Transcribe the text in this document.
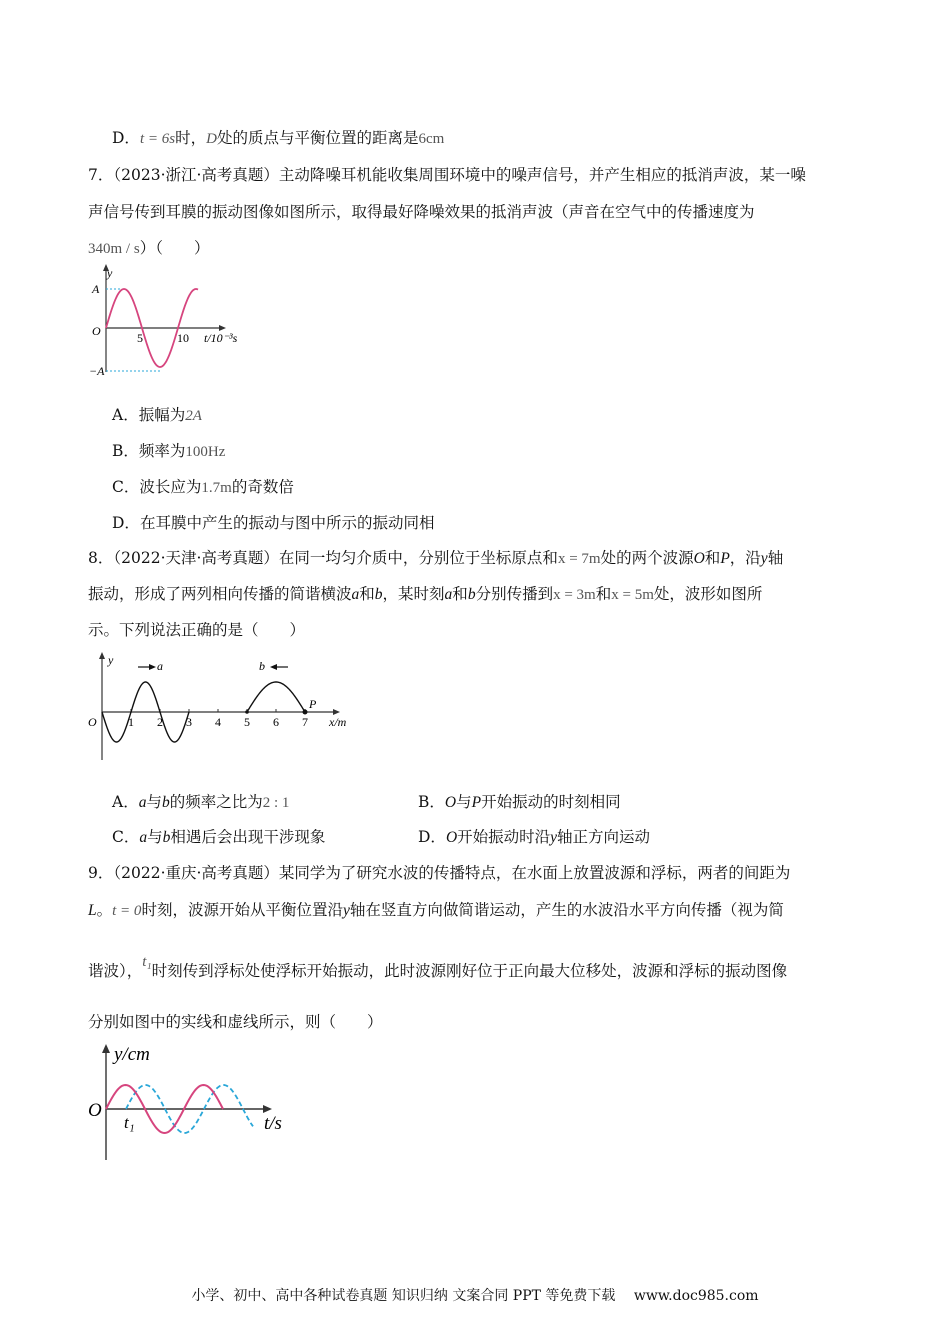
D．t = 6s时，D处的质点与平衡位置的距离是6cm
7．（2023·浙江·高考真题）主动降噪耳机能收集周围环境中的噪声信号，并产生相应的抵消声波，某一噪
声信号传到耳膜的振动图像如图所示，取得最好降噪效果的抵消声波（声音在空气中的传播速度为
340m / s）（　　）
y
A
−A
O	5	10 t/10⁻³s
A．振幅为2A
B．频率为100Hz
C．波长应为1.7m的奇数倍
D．在耳膜中产生的振动与图中所示的振动同相
8．（2022·天津·高考真题）在同一均匀介质中，分别位于坐标原点和x = 7m处的两个波源O和P，沿y轴
振动，形成了两列相向传播的简谐横波a和b，某时刻a和b分别传播到x = 3m和x = 5m处，波形如图所
示。下列说法正确的是（　　）
1 2 3 4 5 6 7
y	a	b
O
P
x/m
A．a与b的频率之比为2 : 1	B．O与P开始振动的时刻相同
C．a与b相遇后会出现干涉现象	D．O开始振动时沿y轴正方向运动
9．（2022·重庆·高考真题）某同学为了研究水波的传播特点，在水面上放置波源和浮标，两者的间距为
L。t = 0时刻，波源开始从平衡位置沿y轴在竖直方向做简谐运动，产生的水波沿水平方向传播（视为简
谐波），t₁时刻传到浮标处使浮标开始振动，此时波源刚好位于正向最大位移处，波源和浮标的振动图像
分别如图中的实线和虚线所示，则（　　）
y/cm
O
t₁	t/s
小学、初中、高中各种试卷真题 知识归纳 文案合同 PPT 等免费下载　 www.doc985.com
